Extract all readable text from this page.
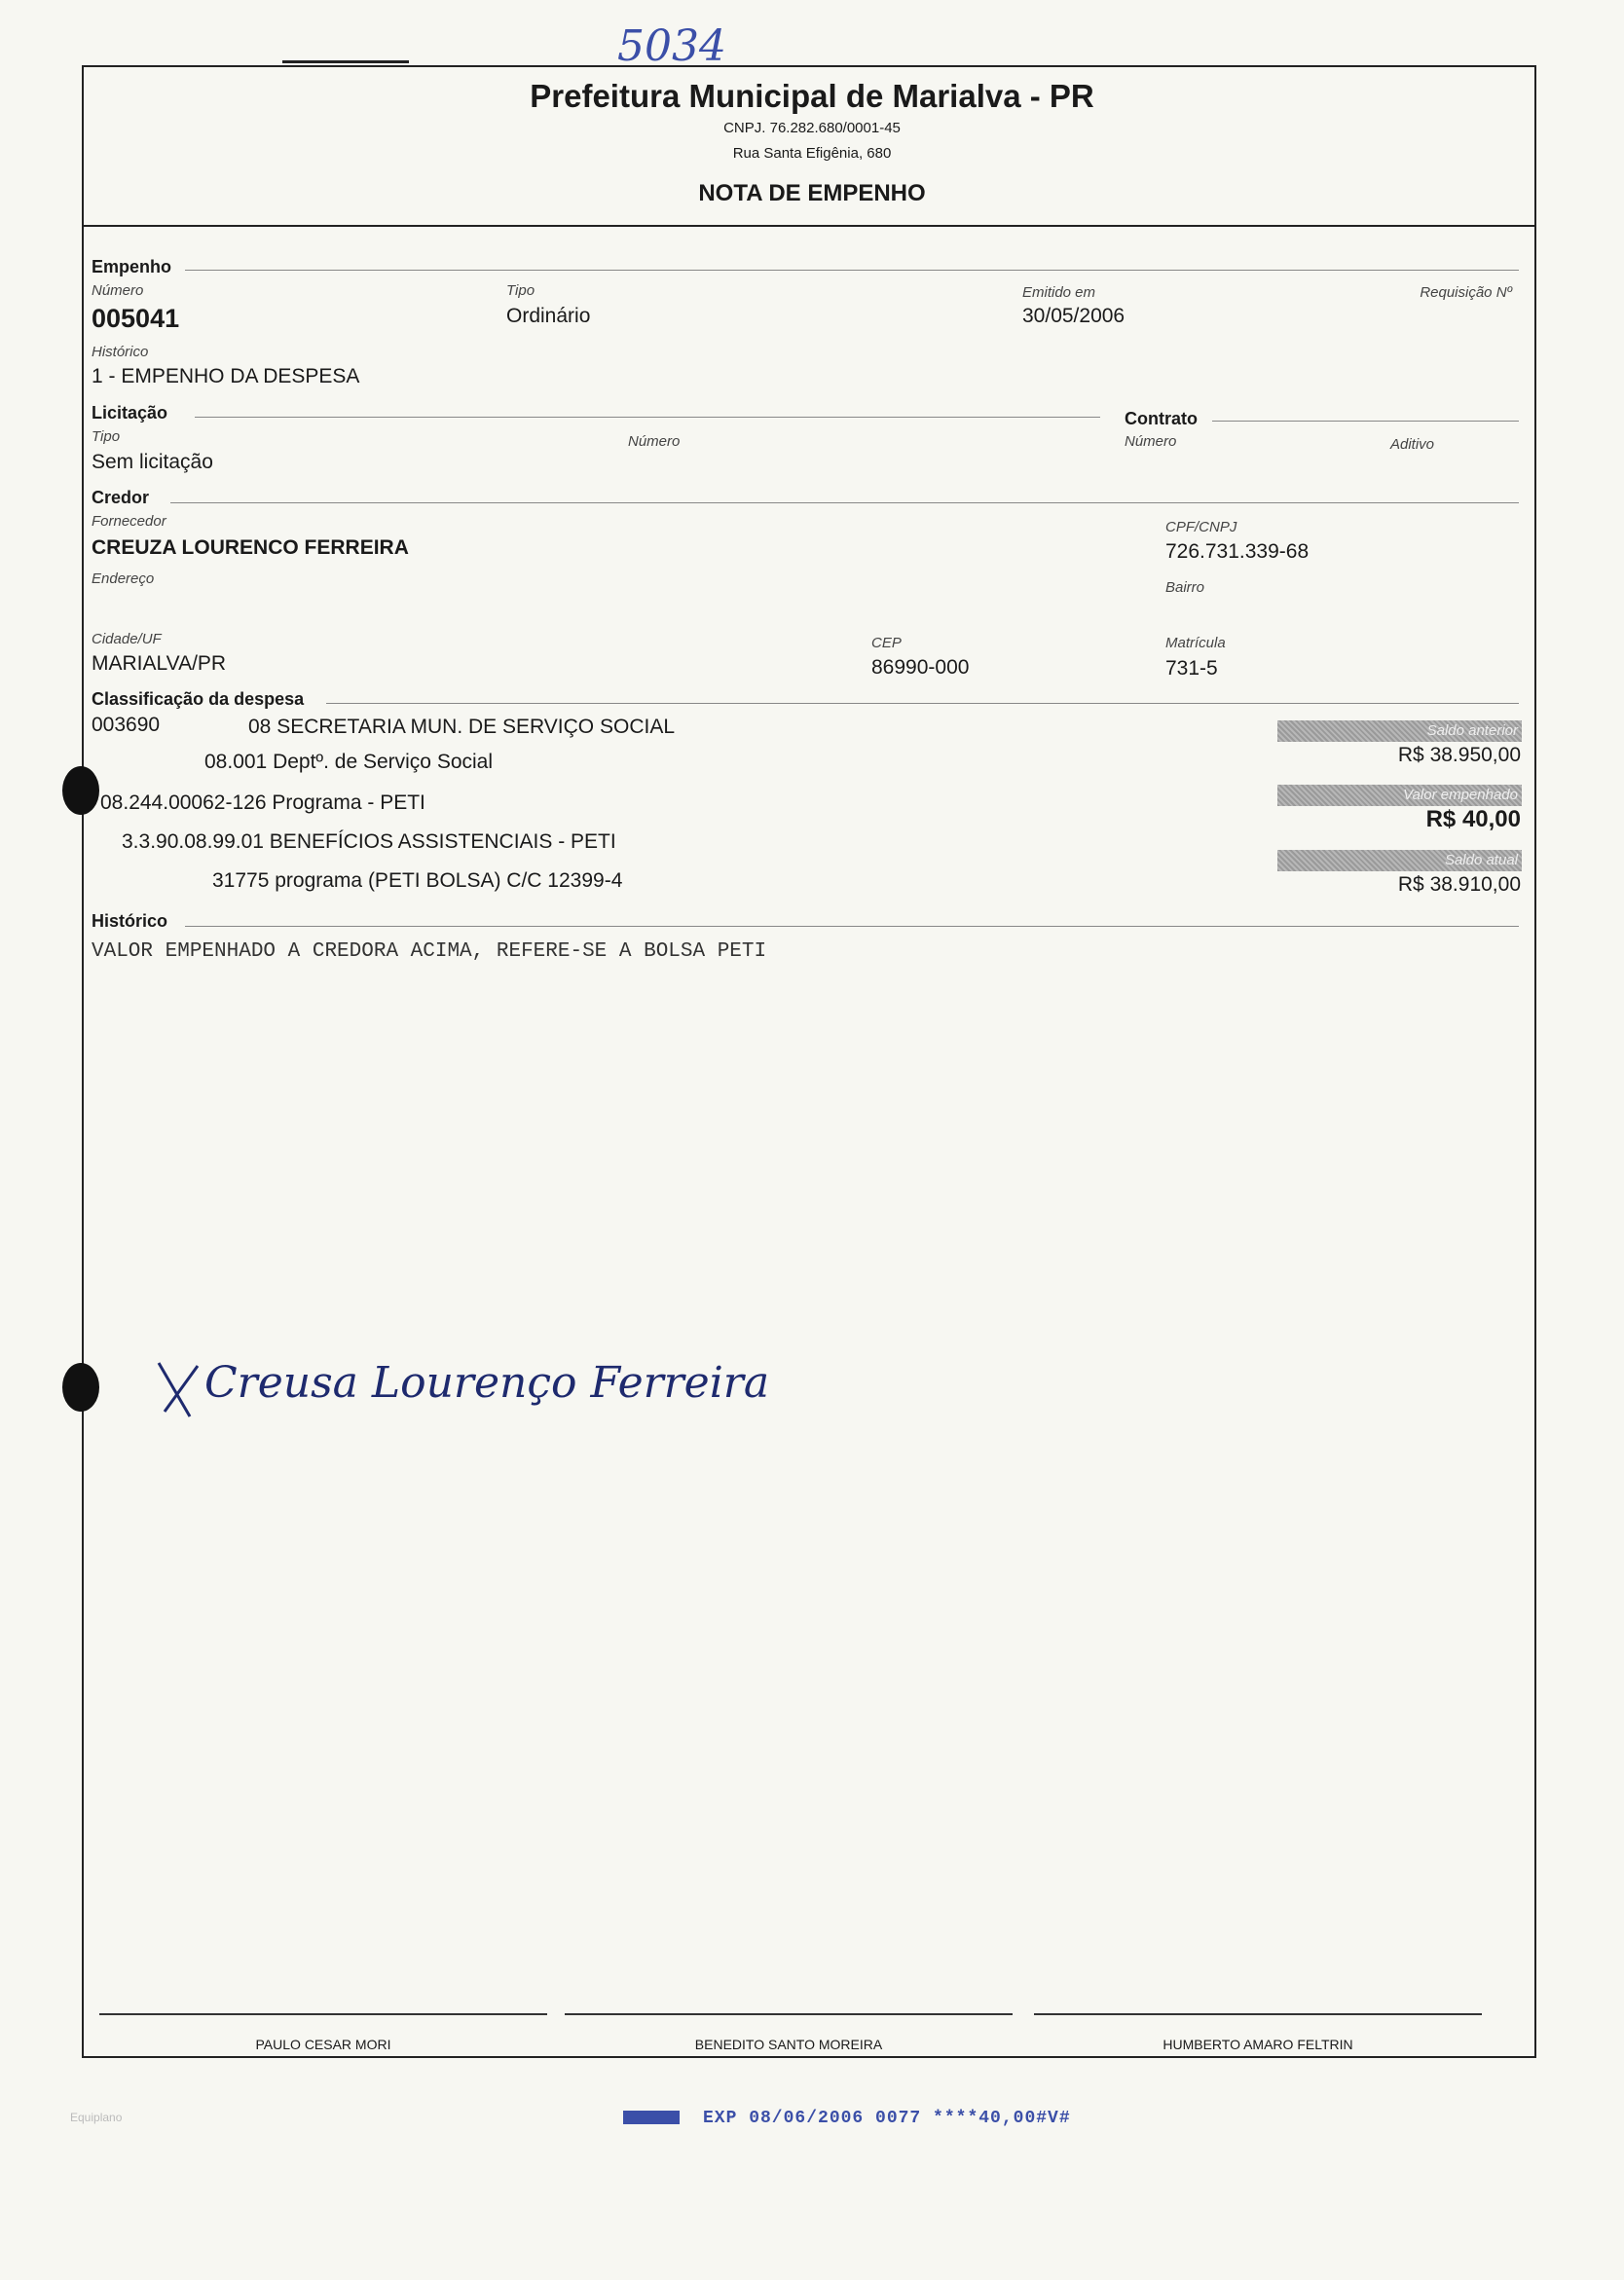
5034
Prefeitura Municipal de Marialva - PR
CNPJ. 76.282.680/0001-45
Rua Santa Efigênia, 680
NOTA DE EMPENHO
Empenho
Número
005041
Tipo
Ordinário
Emitido em
30/05/2006
Requisição Nº
Histórico
1 - EMPENHO DA DESPESA
Licitação	Contrato
Tipo
Sem licitação
Número	Número	Aditivo
Credor
Fornecedor
CREUZA LOURENCO FERREIRA
CPF/CNPJ
726.731.339-68
Endereço
Bairro
Cidade/UF
MARIALVA/PR
CEP
86990-000
Matrícula
731-5
Classificação da despesa
003690	08 SECRETARIA MUN. DE SERVIÇO SOCIAL
08.001 Deptº. de Serviço Social
08.244.00062-126 Programa - PETI
3.3.90.08.99.01 BENEFÍCIOS ASSISTENCIAIS - PETI
31775 programa (PETI BOLSA) C/C 12399-4
Saldo anterior
R$ 38.950,00
Valor empenhado
R$ 40,00
Saldo atual
R$ 38.910,00
Histórico
VALOR EMPENHADO A CREDORA ACIMA, REFERE-SE A BOLSA PETI
Creusa Lourenço Ferreira
PAULO CESAR MORI	BENEDITO SANTO MOREIRA	HUMBERTO AMARO FELTRIN
Equiplano	EXP 08/06/2006 0077 ****40,00#V#
